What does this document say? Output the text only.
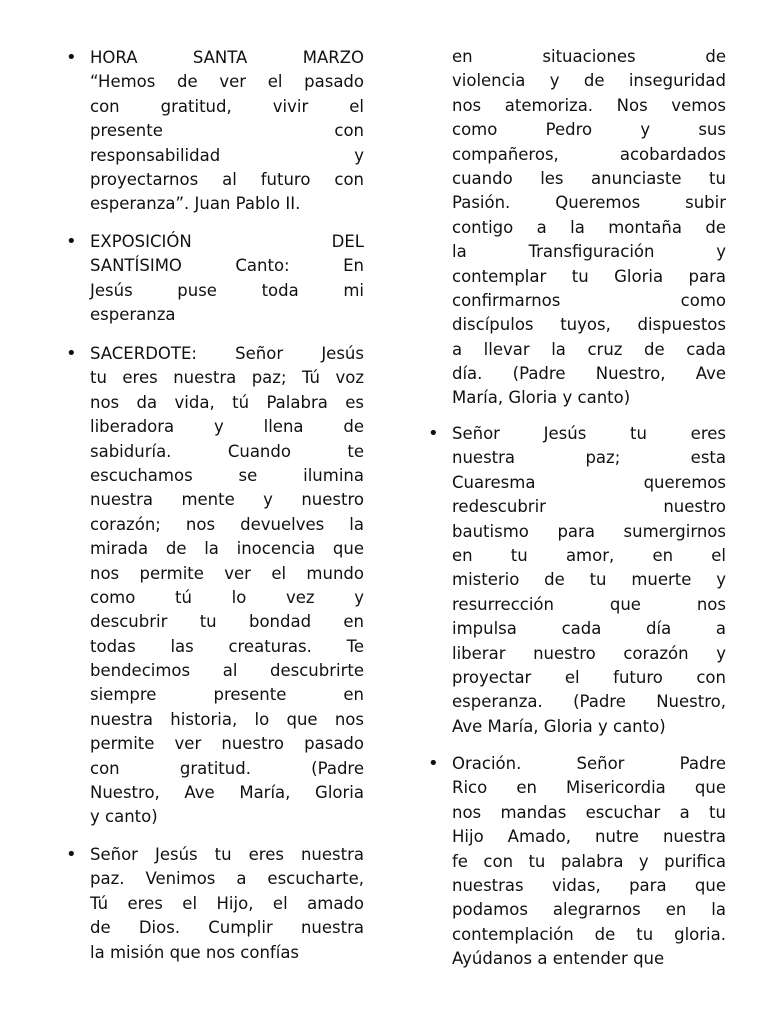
• HORA SANTA MARZO
“Hemos de ver el pasado
con gratitud, vivir el
presente con
responsabilidad y
proyectarnos al futuro con
esperanza”. Juan Pablo II.
• EXPOSICIÓN DEL
SANTÍSIMO Canto: En
Jesús puse toda mi
esperanza
• SACERDOTE: Señor Jesús
tu eres nuestra paz; Tú voz
nos da vida, tú Palabra es
liberadora y llena de
sabiduría. Cuando te
escuchamos se ilumina
nuestra mente y nuestro
corazón; nos devuelves la
mirada de la inocencia que
nos permite ver el mundo
como tú lo vez y
descubrir tu bondad en
todas las creaturas. Te
bendecimos al descubrirte
siempre presente en
nuestra historia, lo que nos
permite ver nuestro pasado
con gratitud. (Padre
Nuestro, Ave María, Gloria
y canto)
• Señor Jesús tu eres nuestra
paz. Venimos a escucharte,
Tú eres el Hijo, el amado
de Dios. Cumplir nuestra
la misión que nos confías
en situaciones de
violencia y de inseguridad
nos atemoriza. Nos vemos
como Pedro y sus
compañeros, acobardados
cuando les anunciaste tu
Pasión. Queremos subir
contigo a la montaña de
la Transfiguración y
contemplar tu Gloria para
confirmarnos como
discípulos tuyos, dispuestos
a llevar la cruz de cada
día. (Padre Nuestro, Ave
María, Gloria y canto)
• Señor Jesús tu eres
nuestra paz; esta
Cuaresma queremos
redescubrir nuestro
bautismo para sumergirnos
en tu amor, en el
misterio de tu muerte y
resurrección que nos
impulsa cada día a
liberar nuestro corazón y
proyectar el futuro con
esperanza. (Padre Nuestro,
Ave María, Gloria y canto)
• Oración. Señor Padre
Rico en Misericordia que
nos mandas escuchar a tu
Hijo Amado, nutre nuestra
fe con tu palabra y purifica
nuestras vidas, para que
podamos alegrarnos en la
contemplación de tu gloria.
Ayúdanos a entender que
